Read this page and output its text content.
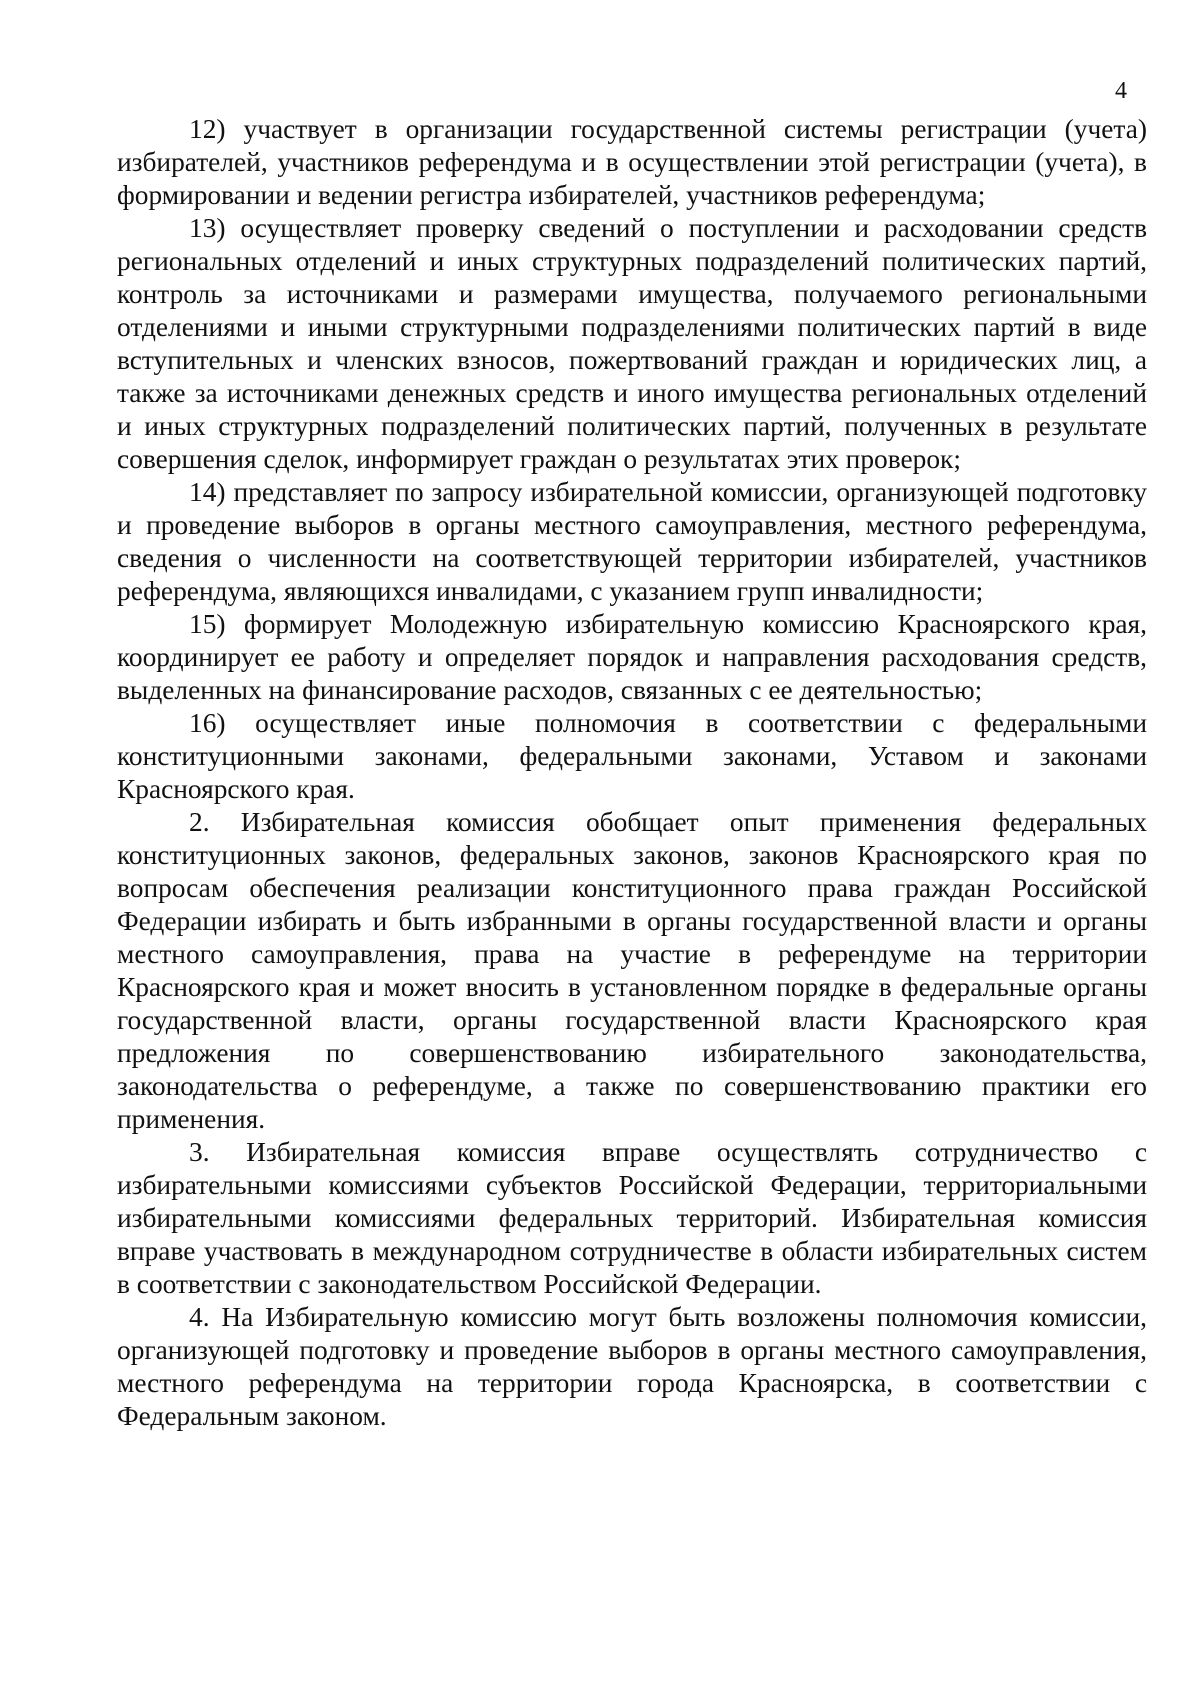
4

12) участвует в организации государственной системы регистрации (учета) избирателей, участников референдума и в осуществлении этой регистрации (учета), в формировании и ведении регистра избирателей, участников референдума;

13) осуществляет проверку сведений о поступлении и расходовании средств региональных отделений и иных структурных подразделений политических партий, контроль за источниками и размерами имущества, получаемого региональными отделениями и иными структурными подразделениями политических партий в виде вступительных и членских взносов, пожертвований граждан и юридических лиц, а также за источниками денежных средств и иного имущества региональных отделений и иных структурных подразделений политических партий, полученных в результате совершения сделок, информирует граждан о результатах этих проверок;

14) представляет по запросу избирательной комиссии, организующей подготовку и проведение выборов в органы местного самоуправления, местного референдума, сведения о численности на соответствующей территории избирателей, участников референдума, являющихся инвалидами, с указанием групп инвалидности;

15) формирует Молодежную избирательную комиссию Красноярского края, координирует ее работу и определяет порядок и направления расходования средств, выделенных на финансирование расходов, связанных с ее деятельностью;

16) осуществляет иные полномочия в соответствии с федеральными конституционными законами, федеральными законами, Уставом и законами Красноярского края.

2. Избирательная комиссия обобщает опыт применения федеральных конституционных законов, федеральных законов, законов Красноярского края по вопросам обеспечения реализации конституционного права граждан Российской Федерации избирать и быть избранными в органы государственной власти и органы местного самоуправления, права на участие в референдуме на территории Красноярского края и может вносить в установленном порядке в федеральные органы государственной власти, органы государственной власти Красноярского края предложения по совершенствованию избирательного законодательства, законодательства о референдуме, а также по совершенствованию практики его применения.

3. Избирательная комиссия вправе осуществлять сотрудничество с избирательными комиссиями субъектов Российской Федерации, территориальными избирательными комиссиями федеральных территорий. Избирательная комиссия вправе участвовать в международном сотрудничестве в области избирательных систем в соответствии с законодательством Российской Федерации.

4. На Избирательную комиссию могут быть возложены полномочия комиссии, организующей подготовку и проведение выборов в органы местного самоуправления, местного референдума на территории города Красноярска, в соответствии с Федеральным законом.
